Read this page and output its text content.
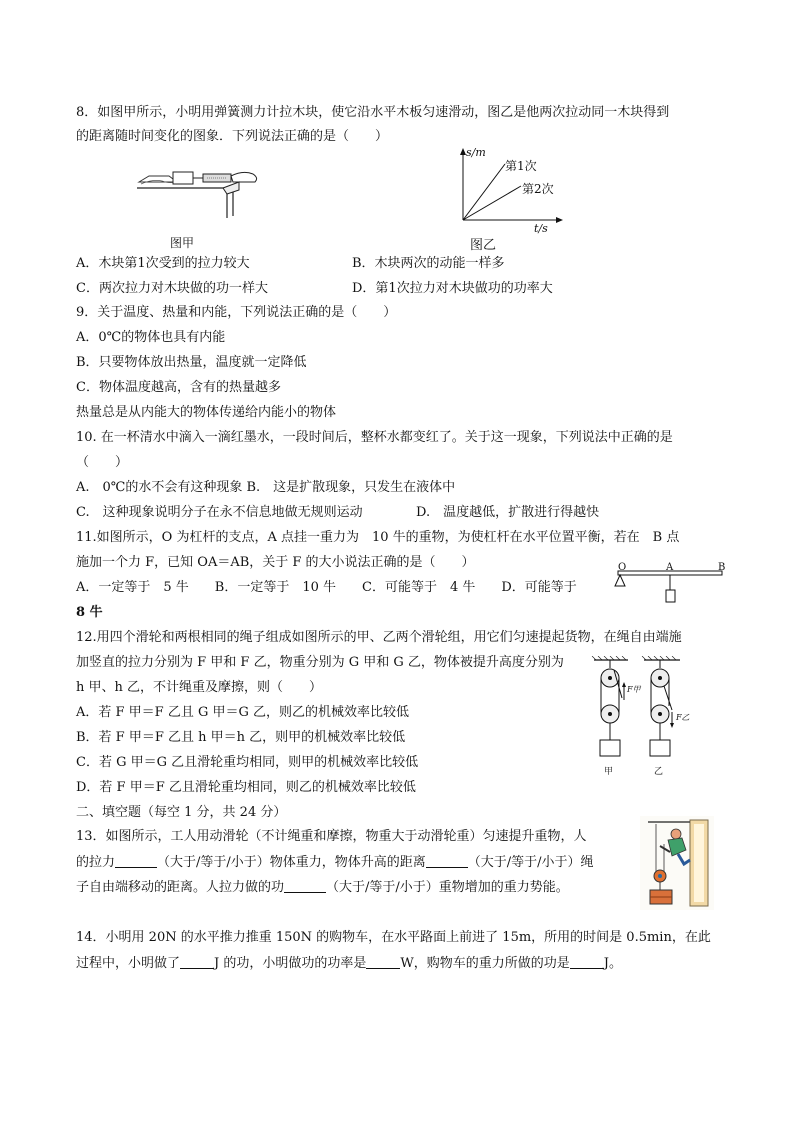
8．如图甲所示，小明用弹簧测力计拉木块，使它沿水平木板匀速滑动，图乙是他两次拉动同一木块得到
的距离随时间变化的图象．下列说法正确的是（　　）
图甲
s/m
t/s
第1次
第2次
图乙
A．木块第1次受到的拉力较大	B．木块两次的动能一样多
C．两次拉力对木块做的功一样大	D．第1次拉力对木块做功的功率大
9．关于温度、热量和内能，下列说法正确的是（　　）
A．0℃的物体也具有内能
B．只要物体放出热量，温度就一定降低
C．物体温度越高，含有的热量越多
热量总是从内能大的物体传递给内能小的物体
10. 在一杯清水中滴入一滴红墨水，一段时间后，整杯水都变红了。关于这一现象，下列说法中正确的是
（　　）
A.　0℃的水不会有这种现象 B.　这是扩散现象，只发生在液体中
C.　这种现象说明分子在永不信息地做无规则运动	D.　温度越低，扩散进行得越快
11.如图所示，O 为杠杆的支点，A 点挂一重力为　10 牛的重物，为使杠杆在水平位置平衡，若在　B 点
施加一个力 F，已知 OA＝AB，关于 F 的大小说法正确的是（　　）
A．一定等于　5 牛　　B．一定等于　10 牛　　C．可能等于　4 牛　　D．可能等于
8 牛
O	A	B
12.用四个滑轮和两根相同的绳子组成如图所示的甲、乙两个滑轮组，用它们匀速提起货物，在绳自由端施
加竖直的拉力分别为 F 甲和 F 乙，物重分别为 G 甲和 G 乙，物体被提升高度分别为
h 甲、h 乙，不计绳重及摩擦，则（　　）
A．若 F 甲＝F 乙且 G 甲＝G 乙，则乙的机械效率比较低
B．若 F 甲＝F 乙且 h 甲＝h 乙，则甲的机械效率比较低
C．若 G 甲＝G 乙且滑轮重均相同，则甲的机械效率比较低
D．若 F 甲＝F 乙且滑轮重均相同，则乙的机械效率比较低
F甲
F乙
甲	乙
二、填空题（每空 1 分，共 24 分）
13．如图所示，工人用动滑轮（不计绳重和摩擦，物重大于动滑轮重）匀速提升重物，人
的拉力	（大于/等于/小于）物体重力，物体升高的距离	（大于/等于/小于）绳
子自由端移动的距离。人拉力做的功	（大于/等于/小于）重物增加的重力势能。
14．小明用 20N 的水平推力推重 150N 的购物车，在水平路面上前进了 15m，所用的时间是 0.5min，在此
过程中，小明做了	J 的功，小明做功的功率是	W，购物车的重力所做的功是	J。
